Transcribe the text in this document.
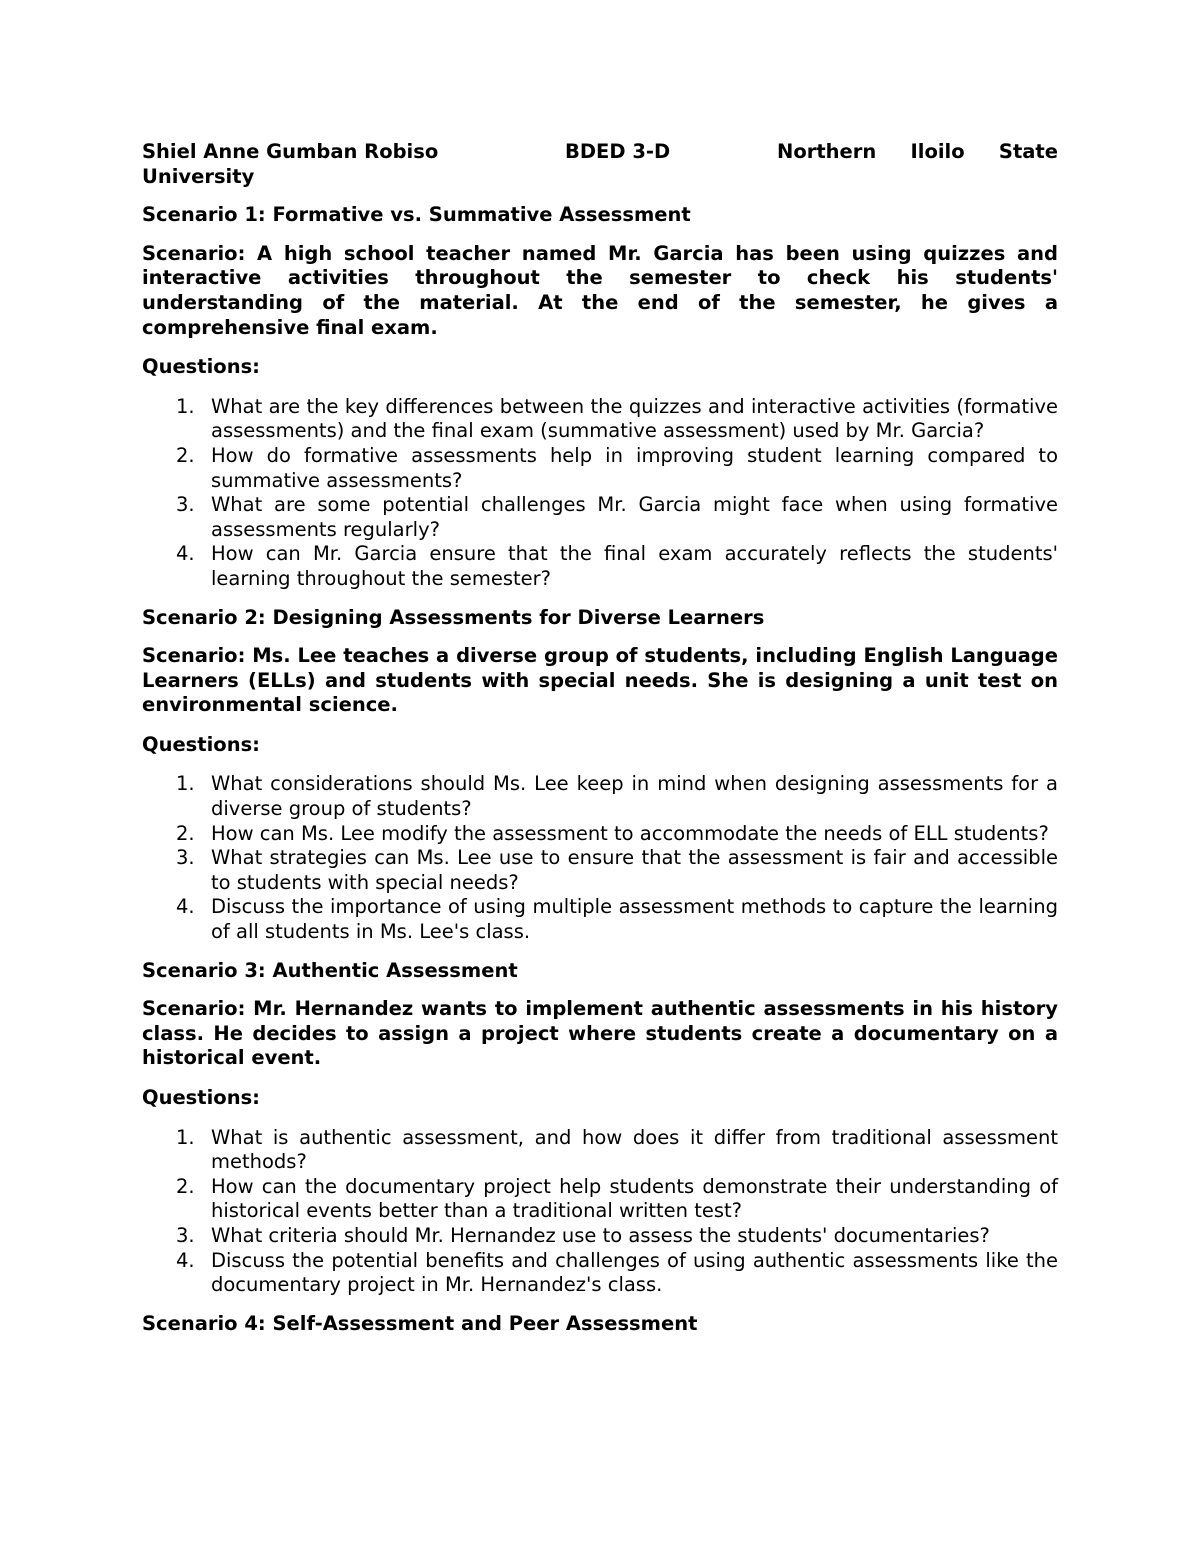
Shiel Anne Gumban Robiso	BDED 3-D	Northern Iloilo State
University
Scenario 1: Formative vs. Summative Assessment
Scenario: A high school teacher named Mr. Garcia has been using quizzes and interactive activities throughout the semester to check his students' understanding of the material. At the end of the semester, he gives a comprehensive final exam.
Questions:
1. What are the key differences between the quizzes and interactive activities (formative assessments) and the final exam (summative assessment) used by Mr. Garcia?
2. How do formative assessments help in improving student learning compared to summative assessments?
3. What are some potential challenges Mr. Garcia might face when using formative assessments regularly?
4. How can Mr. Garcia ensure that the final exam accurately reflects the students' learning throughout the semester?
Scenario 2: Designing Assessments for Diverse Learners
Scenario: Ms. Lee teaches a diverse group of students, including English Language Learners (ELLs) and students with special needs. She is designing a unit test on environmental science.
Questions:
1. What considerations should Ms. Lee keep in mind when designing assessments for a diverse group of students?
2. How can Ms. Lee modify the assessment to accommodate the needs of ELL students?
3. What strategies can Ms. Lee use to ensure that the assessment is fair and accessible to students with special needs?
4. Discuss the importance of using multiple assessment methods to capture the learning of all students in Ms. Lee's class.
Scenario 3: Authentic Assessment
Scenario: Mr. Hernandez wants to implement authentic assessments in his history class. He decides to assign a project where students create a documentary on a historical event.
Questions:
1. What is authentic assessment, and how does it differ from traditional assessment methods?
2. How can the documentary project help students demonstrate their understanding of historical events better than a traditional written test?
3. What criteria should Mr. Hernandez use to assess the students' documentaries?
4. Discuss the potential benefits and challenges of using authentic assessments like the documentary project in Mr. Hernandez's class.
Scenario 4: Self-Assessment and Peer Assessment
